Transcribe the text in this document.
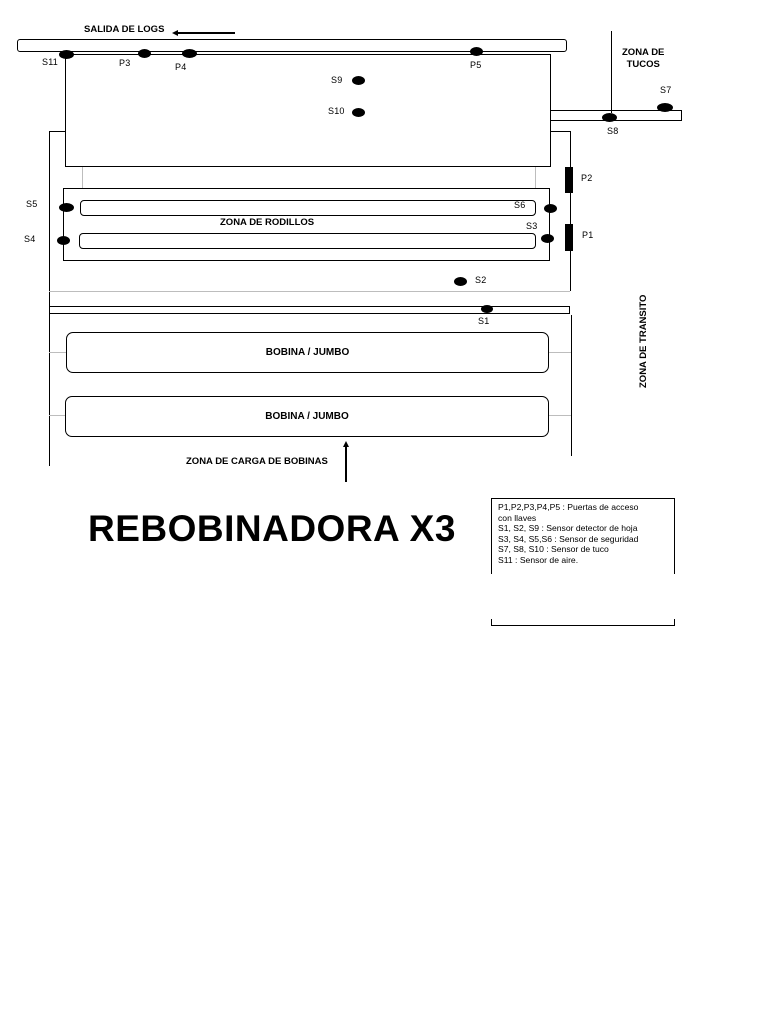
SALIDA DE LOGS
ZONA DE
TUCOS
ZONA DE RODILLOS
ZONA DE TRANSITO
BOBINA / JUMBO
BOBINA / JUMBO
ZONA DE CARGA DE BOBINAS
P2
P1
P3	P4	P5
S11
S9
S10
S7
S8
S5	S6
S4
S3
S2
S1
REBOBINADORA X3
P1,P2,P3,P4,P5 : Puertas de acceso
con llaves
S1, S2, S9 : Sensor detector de hoja
S3, S4, S5,S6 : Sensor de seguridad
S7, S8, S10 : Sensor de tuco
S11 : Sensor de aire.
